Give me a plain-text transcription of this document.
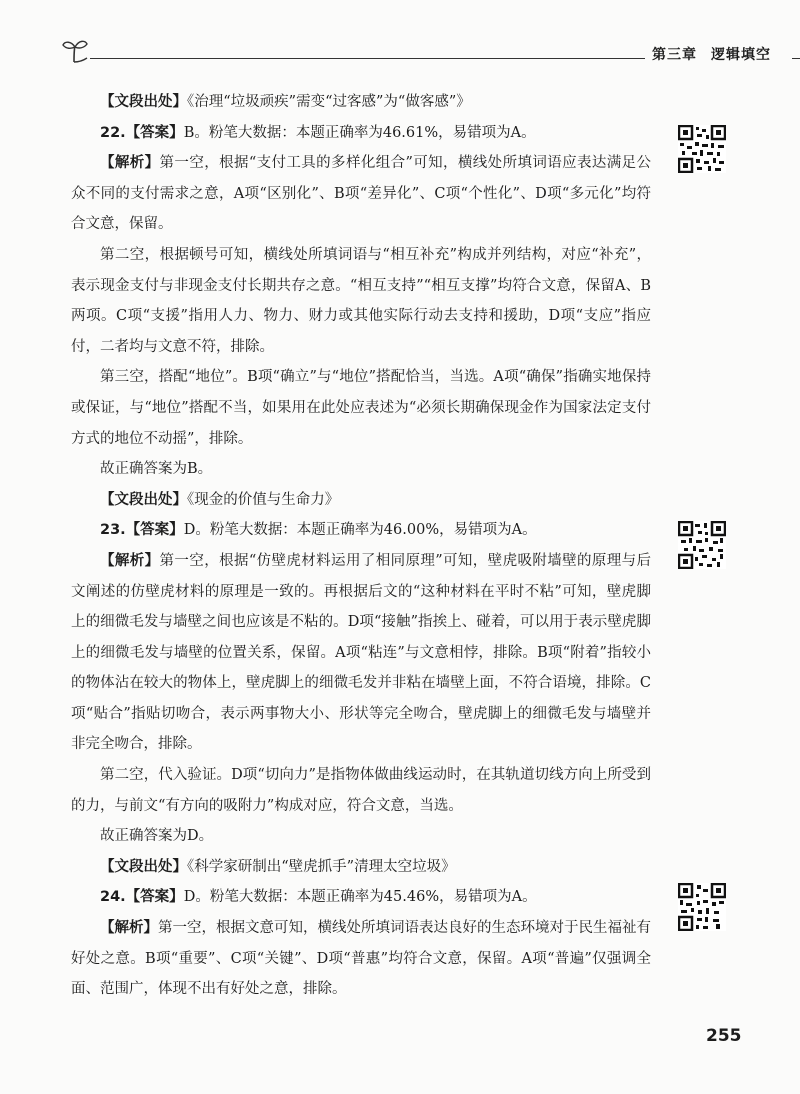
第三章 逻辑填空

【文段出处】《治理“垃圾顽疾”需变“过客感”为“做客感”》

22.【答案】B。粉笔大数据：本题正确率为46.61%，易错项为A。

【解析】第一空，根据“支付工具的多样化组合”可知，横线处所填词语应表达满足公众不同的支付需求之意，A项“区别化”、B项“差异化”、C项“个性化”、D项“多元化”均符合文意，保留。

第二空，根据顿号可知，横线处所填词语与“相互补充”构成并列结构，对应“补充”，表示现金支付与非现金支付长期共存之意。“相互支持”“相互支撑”均符合文意，保留A、B两项。C项“支援”指用人力、物力、财力或其他实际行动去支持和援助，D项“支应”指应付，二者均与文意不符，排除。

第三空，搭配“地位”。B项“确立”与“地位”搭配恰当，当选。A项“确保”指确实地保持或保证，与“地位”搭配不当，如果用在此处应表述为“必须长期确保现金作为国家法定支付方式的地位不动摇”，排除。

故正确答案为B。

【文段出处】《现金的价值与生命力》

23.【答案】D。粉笔大数据：本题正确率为46.00%，易错项为A。

【解析】第一空，根据“仿壁虎材料运用了相同原理”可知，壁虎吸附墙壁的原理与后文阐述的仿壁虎材料的原理是一致的。再根据后文的“这种材料在平时不粘”可知，壁虎脚上的细微毛发与墙壁之间也应该是不粘的。D项“接触”指挨上、碰着，可以用于表示壁虎脚上的细微毛发与墙壁的位置关系，保留。A项“粘连”与文意相悖，排除。B项“附着”指较小的物体沾在较大的物体上，壁虎脚上的细微毛发并非粘在墙壁上面，不符合语境，排除。C项“贴合”指贴切吻合，表示两事物大小、形状等完全吻合，壁虎脚上的细微毛发与墙壁并非完全吻合，排除。

第二空，代入验证。D项“切向力”是指物体做曲线运动时，在其轨道切线方向上所受到的力，与前文“有方向的吸附力”构成对应，符合文意，当选。

故正确答案为D。

【文段出处】《科学家研制出“壁虎抓手”清理太空垃圾》

24.【答案】D。粉笔大数据：本题正确率为45.46%，易错项为A。

【解析】第一空，根据文意可知，横线处所填词语表达良好的生态环境对于民生福祉有好处之意。B项“重要”、C项“关键”、D项“普惠”均符合文意，保留。A项“普遍”仅强调全面、范围广，体现不出有好处之意，排除。

255
